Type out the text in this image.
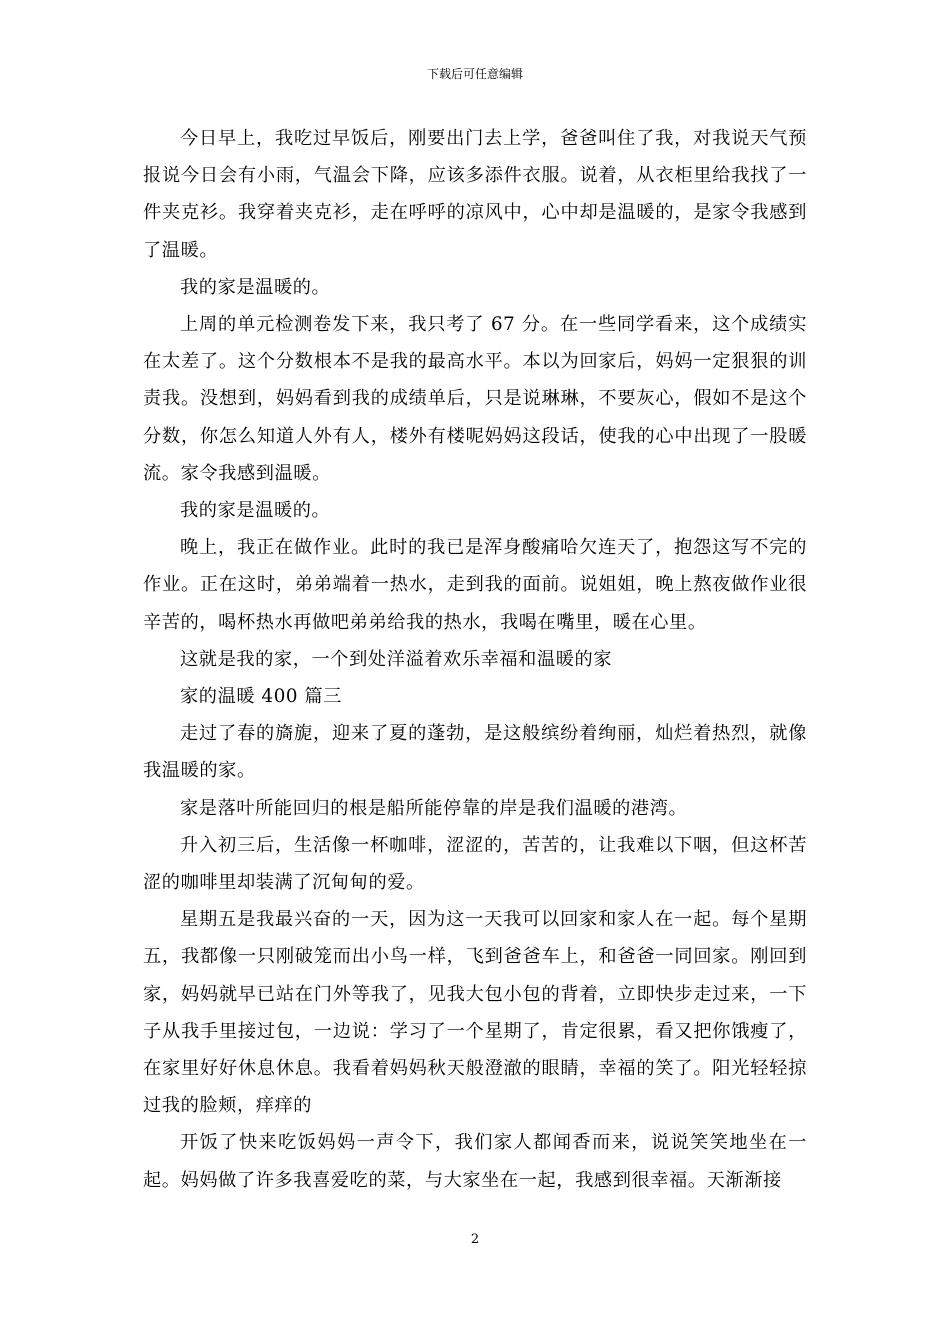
下载后可任意编辑

今日早上，我吃过早饭后，刚要出门去上学，爸爸叫住了我，对我说天气预报说今日会有小雨，气温会下降，应该多添件衣服。说着，从衣柜里给我找了一件夹克衫。我穿着夹克衫，走在呼呼的凉风中，心中却是温暖的，是家令我感到了温暖。

我的家是温暖的。

上周的单元检测卷发下来，我只考了 67 分。在一些同学看来，这个成绩实在太差了。这个分数根本不是我的最高水平。本以为回家后，妈妈一定狠狠的训责我。没想到，妈妈看到我的成绩单后，只是说琳琳，不要灰心，假如不是这个分数，你怎么知道人外有人，楼外有楼呢妈妈这段话，使我的心中出现了一股暖流。家令我感到温暖。

我的家是温暖的。

晚上，我正在做作业。此时的我已是浑身酸痛哈欠连天了，抱怨这写不完的作业。正在这时，弟弟端着一热水，走到我的面前。说姐姐，晚上熬夜做作业很辛苦的，喝杯热水再做吧弟弟给我的热水，我喝在嘴里，暖在心里。

这就是我的家，一个到处洋溢着欢乐幸福和温暖的家

家的温暖 400 篇三

走过了春的旖旎，迎来了夏的蓬勃，是这般缤纷着绚丽，灿烂着热烈，就像我温暖的家。

家是落叶所能回归的根是船所能停靠的岸是我们温暖的港湾。

升入初三后，生活像一杯咖啡，涩涩的，苦苦的，让我难以下咽，但这杯苦涩的咖啡里却装满了沉甸甸的爱。

星期五是我最兴奋的一天，因为这一天我可以回家和家人在一起。每个星期五，我都像一只刚破笼而出小鸟一样，飞到爸爸车上，和爸爸一同回家。刚回到家，妈妈就早已站在门外等我了，见我大包小包的背着，立即快步走过来，一下子从我手里接过包，一边说：学习了一个星期了，肯定很累，看又把你饿瘦了，在家里好好休息休息。我看着妈妈秋天般澄澈的眼睛，幸福的笑了。阳光轻轻掠过我的脸颊，痒痒的

开饭了快来吃饭妈妈一声令下，我们家人都闻香而来，说说笑笑地坐在一起。妈妈做了许多我喜爱吃的菜，与大家坐在一起，我感到很幸福。天渐渐接

2
